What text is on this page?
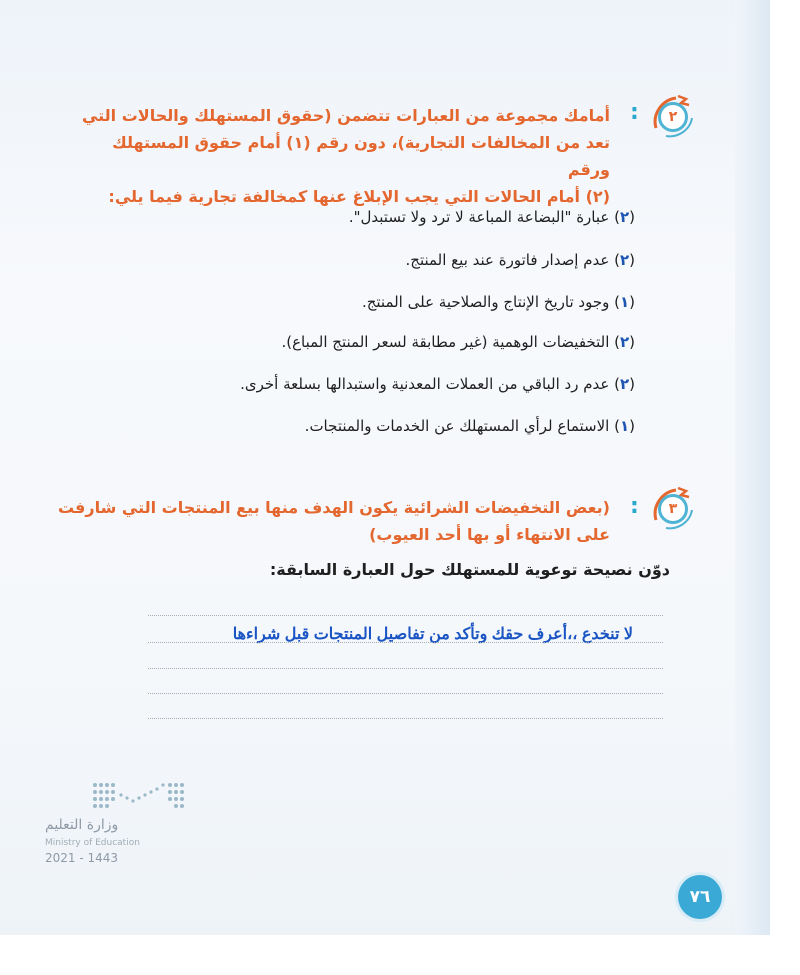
٢
:
أمامك مجموعة من العبارات تتضمن (حقوق المستهلك والحالات التي
تعد من المخالفات التجارية)، دون رقم (١) أمام حقوق المستهلك ورقم
(٢) أمام الحالات التي يجب الإبلاغ عنها كمخالفة تجارية فيما يلي:
(٢) عبارة "البضاعة المباعة لا ترد ولا تستبدل".
(٢) عدم إصدار فاتورة عند بيع المنتج.
(١) وجود تاريخ الإنتاج والصلاحية على المنتج.
(٢) التخفيضات الوهمية (غير مطابقة لسعر المنتج المباع).
(٢) عدم رد الباقي من العملات المعدنية واستبدالها بسلعة أخرى.
(١) الاستماع لرأي المستهلك عن الخدمات والمنتجات.
٣
:
(بعض التخفيضات الشرائية يكون الهدف منها بيع المنتجات التي شارفت
على الانتهاء أو بها أحد العيوب)
دوّن نصيحة توعوية للمستهلك حول العبارة السابقة:
لا تنخدع ،،أعرف حقك وتأكد من تفاصيل المنتجات قبل شراءها
وزارة التعليم
Ministry of Education
2021 - 1443
٧٦
